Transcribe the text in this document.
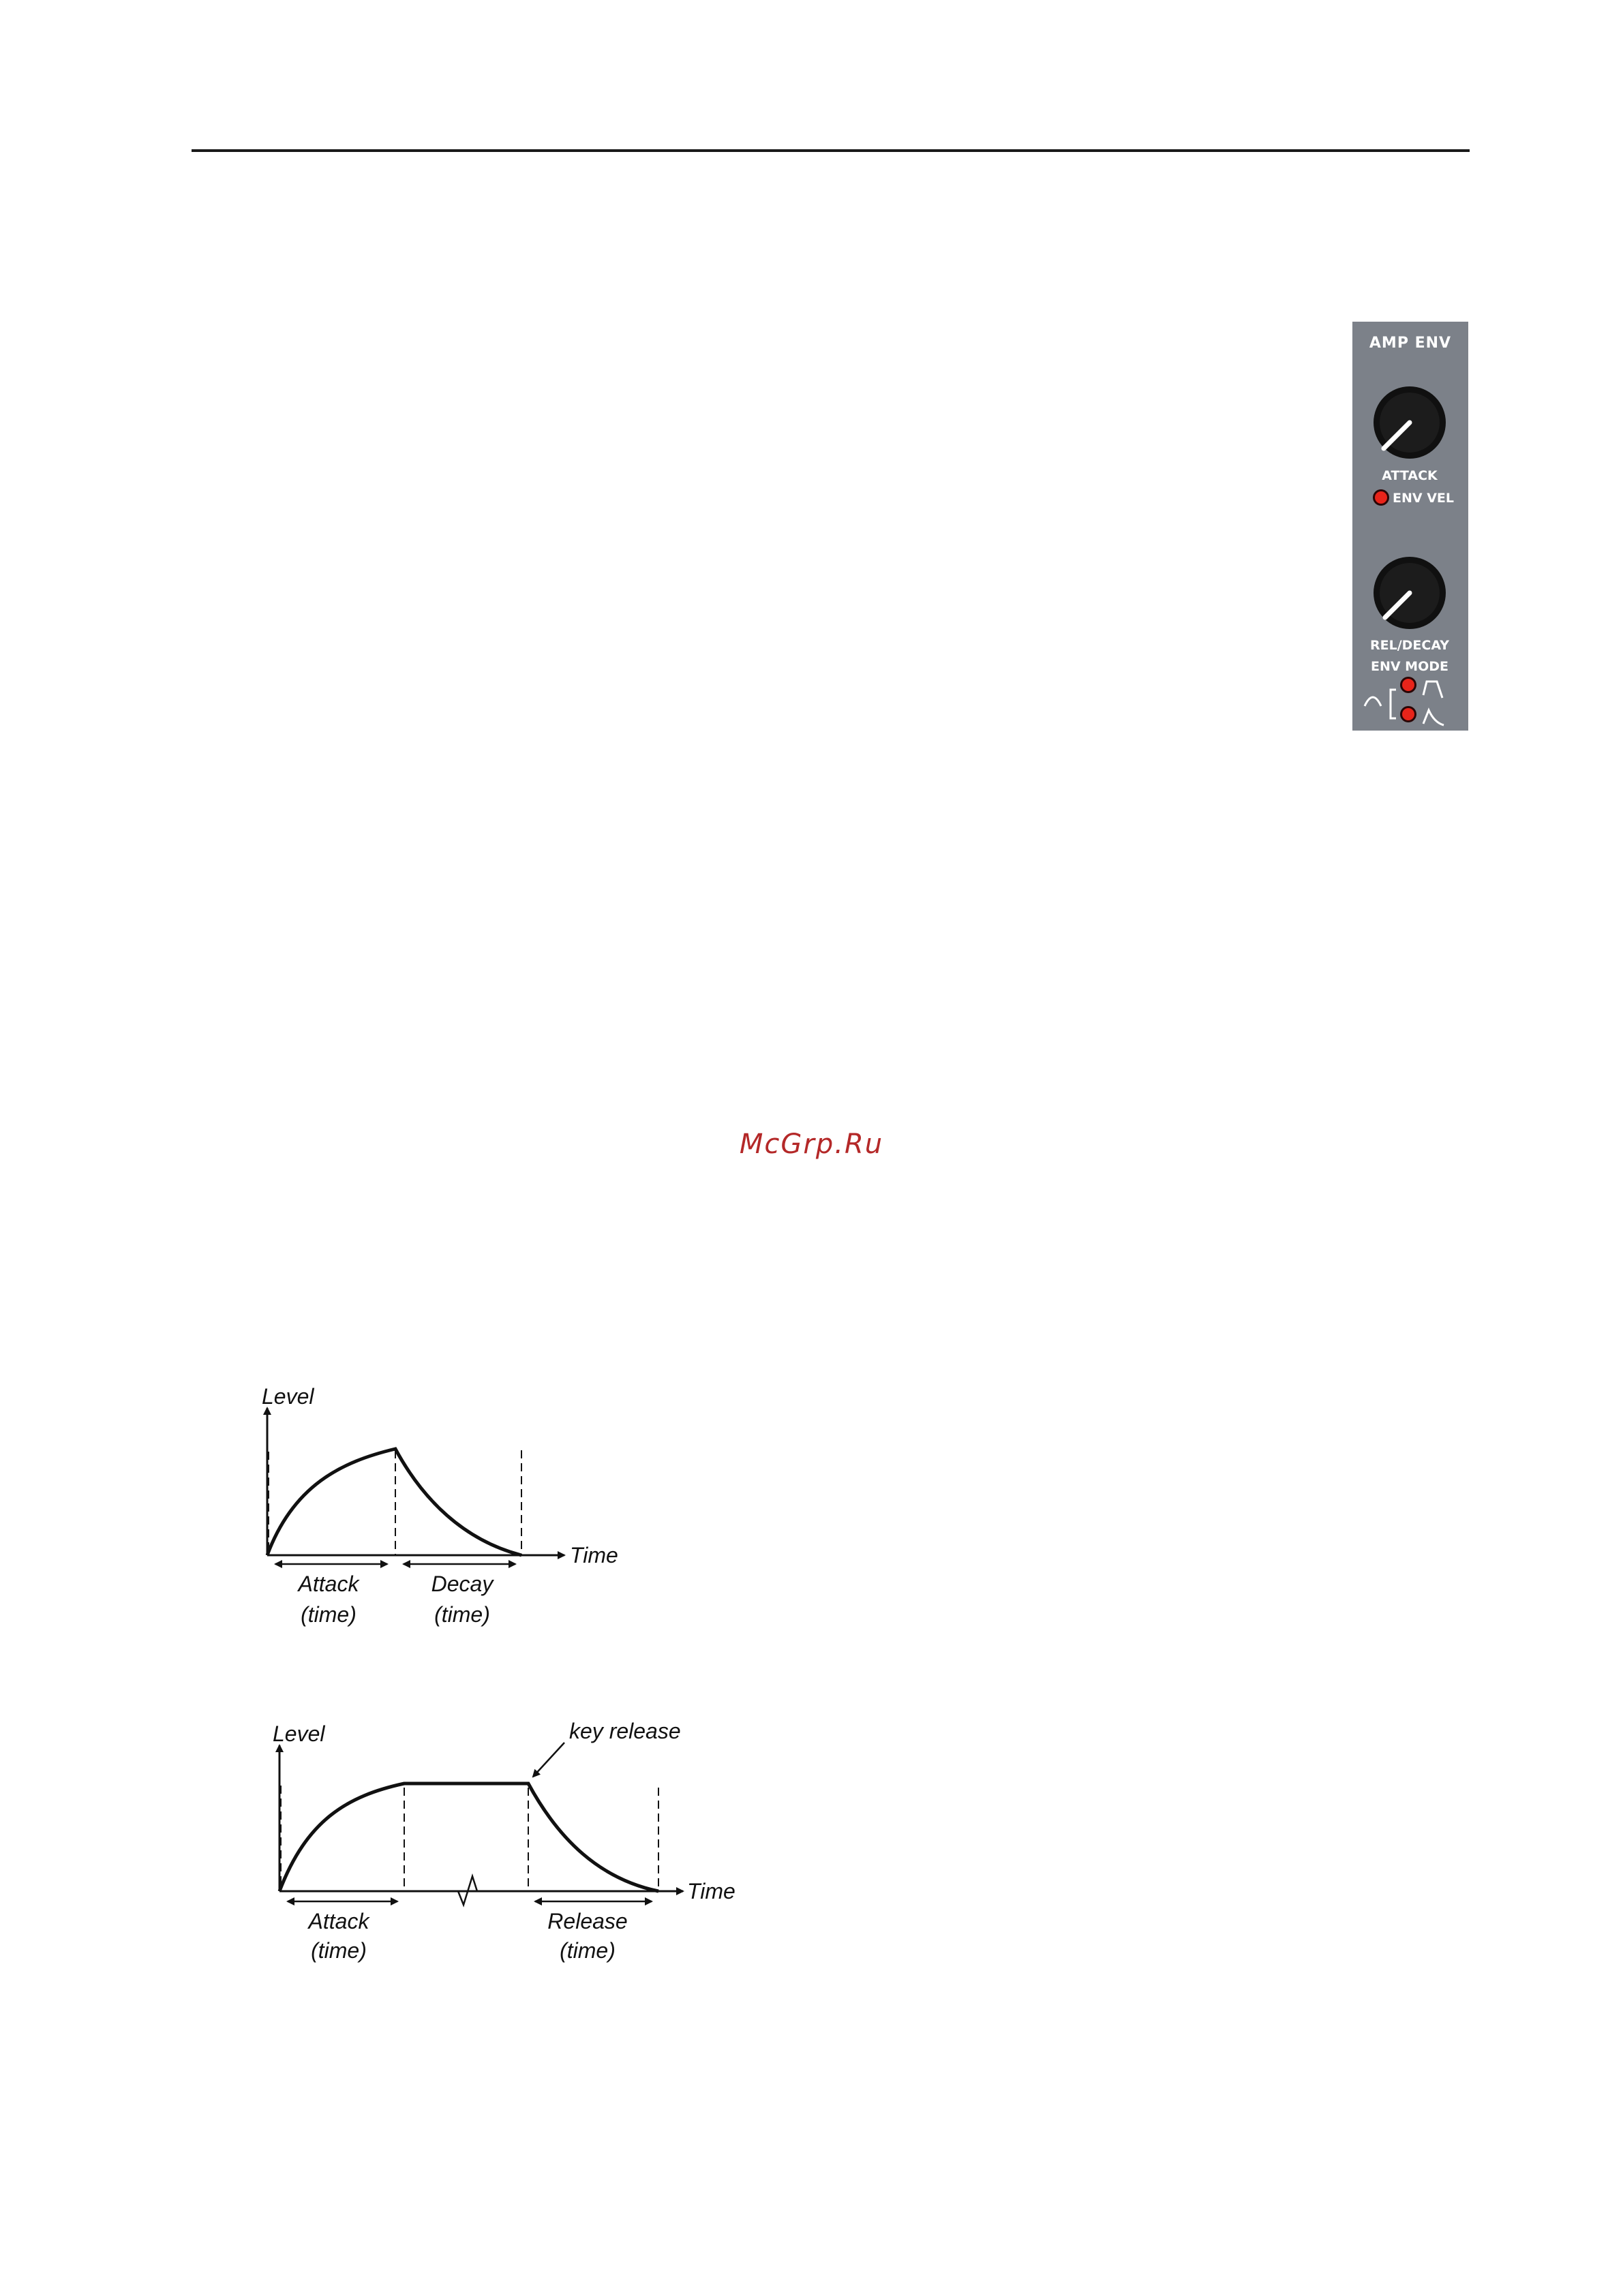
AMP ENV
ATTACK
ENV VEL
REL/DECAY
ENV MODE
McGrp.Ru
Level
Time
Attack
(time)
Decay
(time)
Level
Time
key release
Attack
(time)
Release
(time)
